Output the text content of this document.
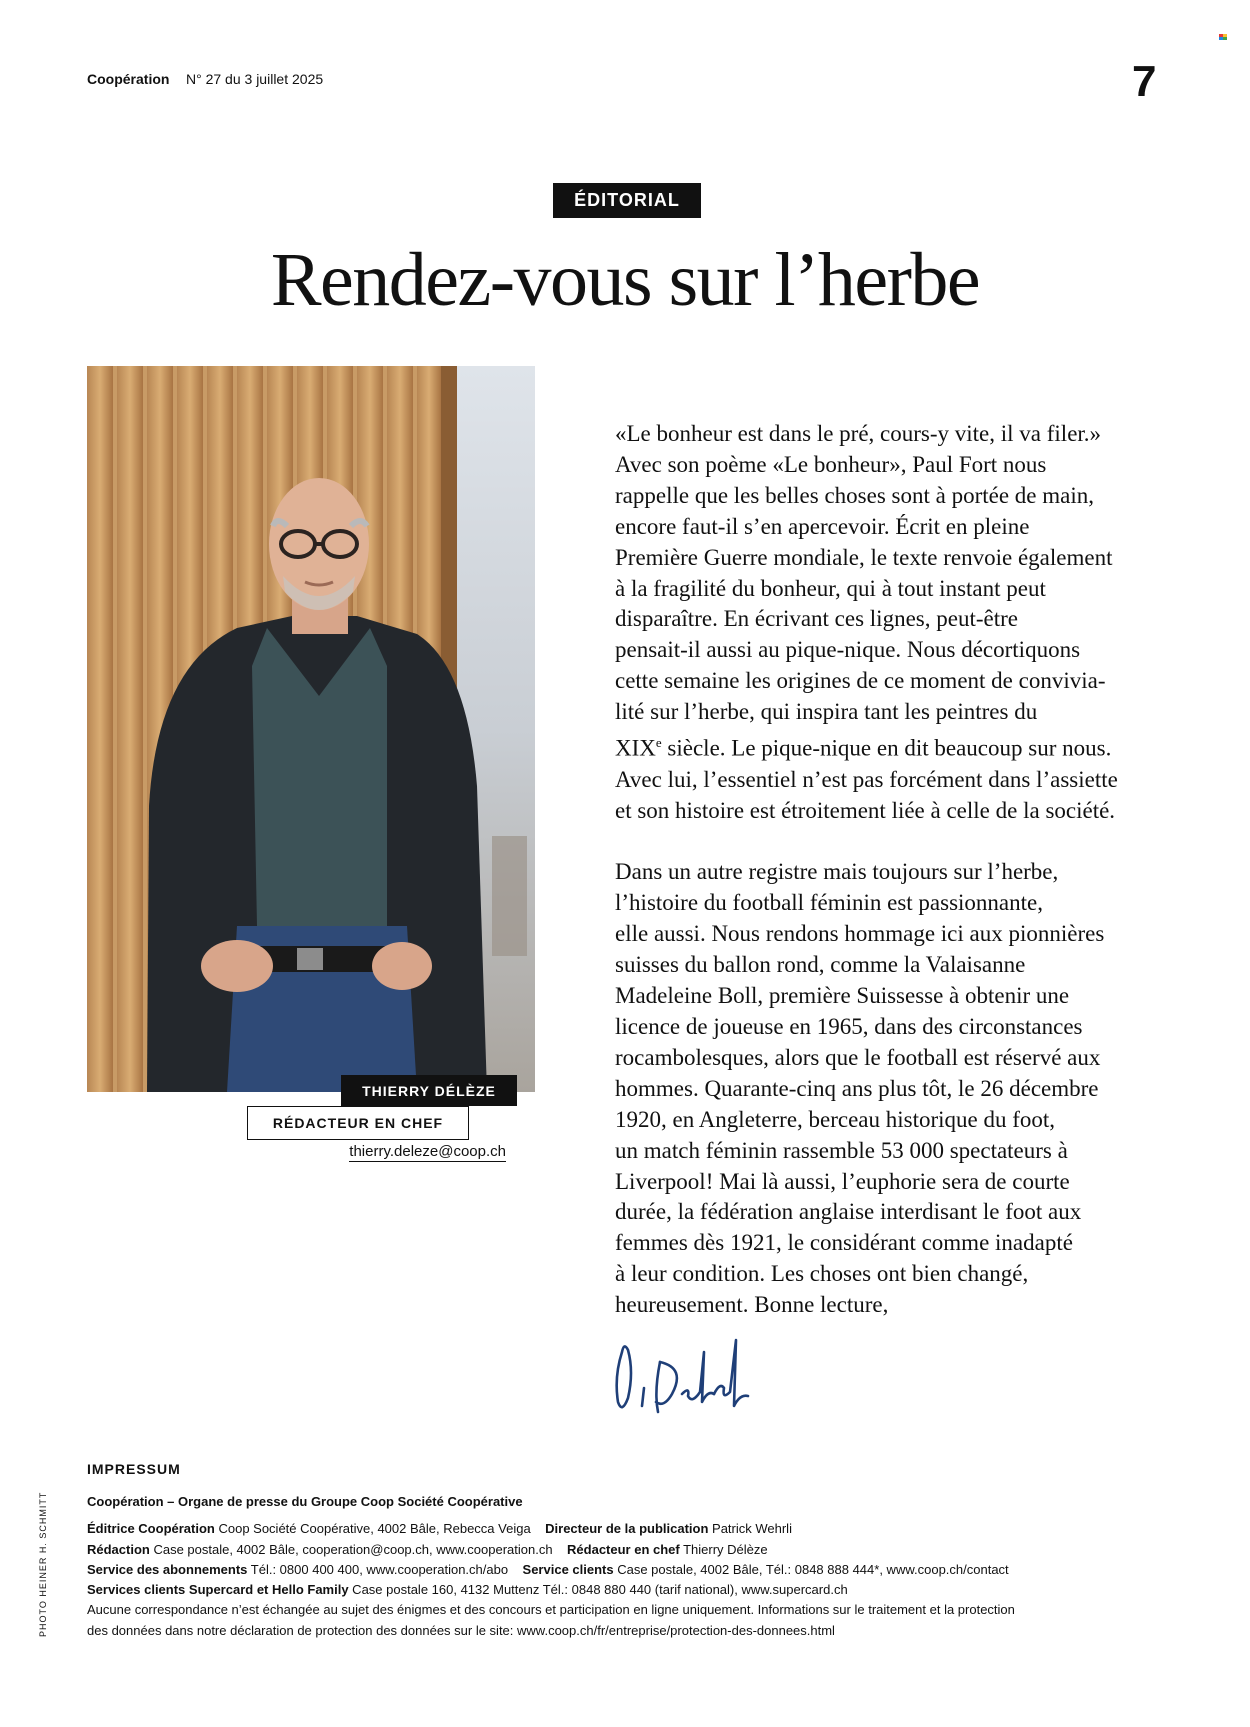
Coopération N° 27 du 3 juillet 2025	7
ÉDITORIAL
Rendez-vous sur l’herbe
THIERRY DÉLÈZE
RÉDACTEUR EN CHEF
thierry.deleze@coop.ch

«Le bonheur est dans le pré, cours-y vite, il va filer.»
Avec son poème «Le bonheur», Paul Fort nous
rappelle que les belles choses sont à portée de main,
encore faut-il s’en apercevoir. Écrit en pleine
Première Guerre mondiale, le texte renvoie également
à la fragilité du bonheur, qui à tout instant peut
disparaître. En écrivant ces lignes, peut-être
pensait-il aussi au pique-nique. Nous décortiquons
cette semaine les origines de ce moment de convivia-
lité sur l’herbe, qui inspira tant les peintres du
XIXe siècle. Le pique-nique en dit beaucoup sur nous.
Avec lui, l’essentiel n’est pas forcément dans l’assiette
et son histoire est étroitement liée à celle de la société.

Dans un autre registre mais toujours sur l’herbe,
l’histoire du football féminin est passionnante,
elle aussi. Nous rendons hommage ici aux pionnières
suisses du ballon rond, comme la Valaisanne
Madeleine Boll, première Suissesse à obtenir une
licence de joueuse en 1965, dans des circonstances
rocambolesques, alors que le football est réservé aux
hommes. Quarante-cinq ans plus tôt, le 26 décembre
1920, en Angleterre, berceau historique du foot,
un match féminin rassemble 53 000 spectateurs à
Liverpool! Mai là aussi, l’euphorie sera de courte
durée, la fédération anglaise interdisant le foot aux
femmes dès 1921, le considérant comme inadapté
à leur condition. Les choses ont bien changé,
heureusement. Bonne lecture,

IMPRESSUM

Coopération – Organe de presse du Groupe Coop Société Coopérative

Éditrice Coopération Coop Société Coopérative, 4002 Bâle, Rebecca Veiga Directeur de la publication Patrick Wehrli

Rédaction Case postale, 4002 Bâle, cooperation@coop.ch, www.cooperation.ch Rédacteur en chef Thierry Délèze

Service des abonnements Tél.: 0800 400 400, www.cooperation.ch/abo Service clients Case postale, 4002 Bâle, Tél.: 0848 888 444*, www.coop.ch/contact

Services clients Supercard et Hello Family Case postale 160, 4132 Muttenz Tél.: 0848 880 440 (tarif national), www.supercard.ch

Aucune correspondance n’est échangée au sujet des énigmes et des concours et participation en ligne uniquement. Informations sur le traitement et la protection

des données dans notre déclaration de protection des données sur le site: www.coop.ch/fr/entreprise/protection-des-donnees.html

PHOTO HEINER H. SCHMITT
